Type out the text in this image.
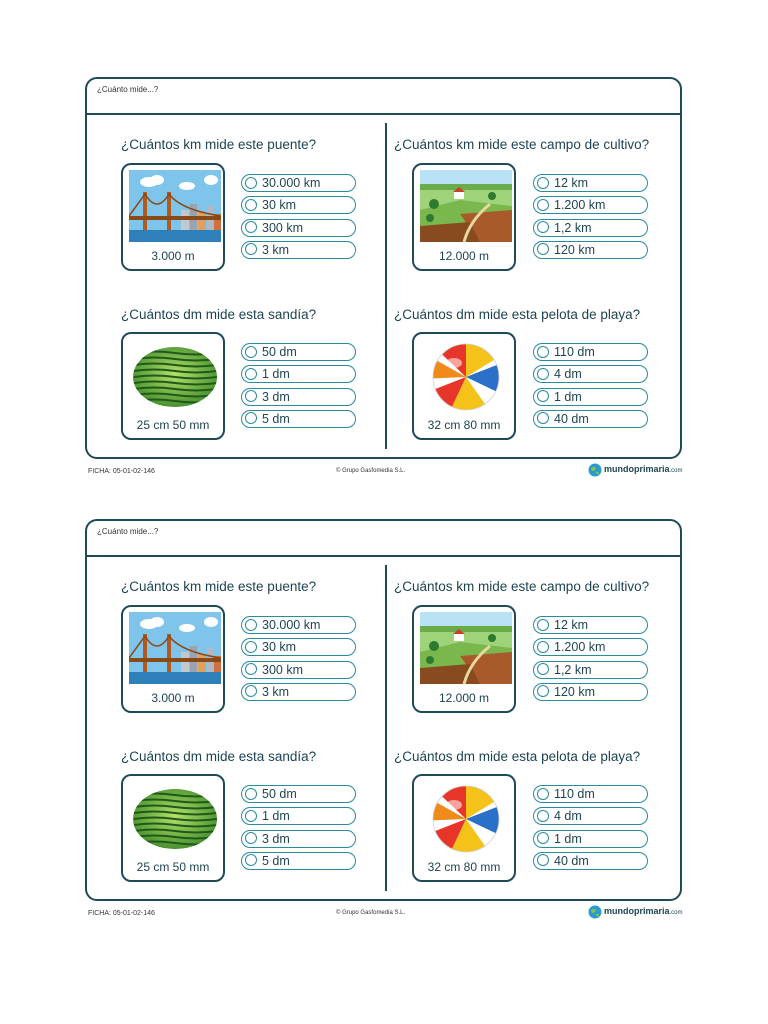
¿Cuánto mide...?
¿Cuántos km mide este puente?
3.000 m
30.000 km
30 km
300 km
3 km
¿Cuántos km mide este campo de cultivo?
12.000 m
12 km
1.200 km
1,2 km
120 km
¿Cuántos dm mide esta sandía?
25 cm 50 mm
50 dm
1 dm
3 dm
5 dm
¿Cuántos dm mide esta pelota de playa?
32 cm 80 mm
110 dm
4 dm
1 dm
40 dm
FICHA: 05-01-02-146	© Grupo Gasfomedia S.L.	mundoprimaria.com
¿Cuánto mide...?
¿Cuántos km mide este puente?
3.000 m
30.000 km
30 km
300 km
3 km
¿Cuántos km mide este campo de cultivo?
12.000 m
12 km
1.200 km
1,2 km
120 km
¿Cuántos dm mide esta sandía?
25 cm 50 mm
50 dm
1 dm
3 dm
5 dm
¿Cuántos dm mide esta pelota de playa?
32 cm 80 mm
110 dm
4 dm
1 dm
40 dm
FICHA: 05-01-02-146	© Grupo Gasfomedia S.L.	mundoprimaria.com
